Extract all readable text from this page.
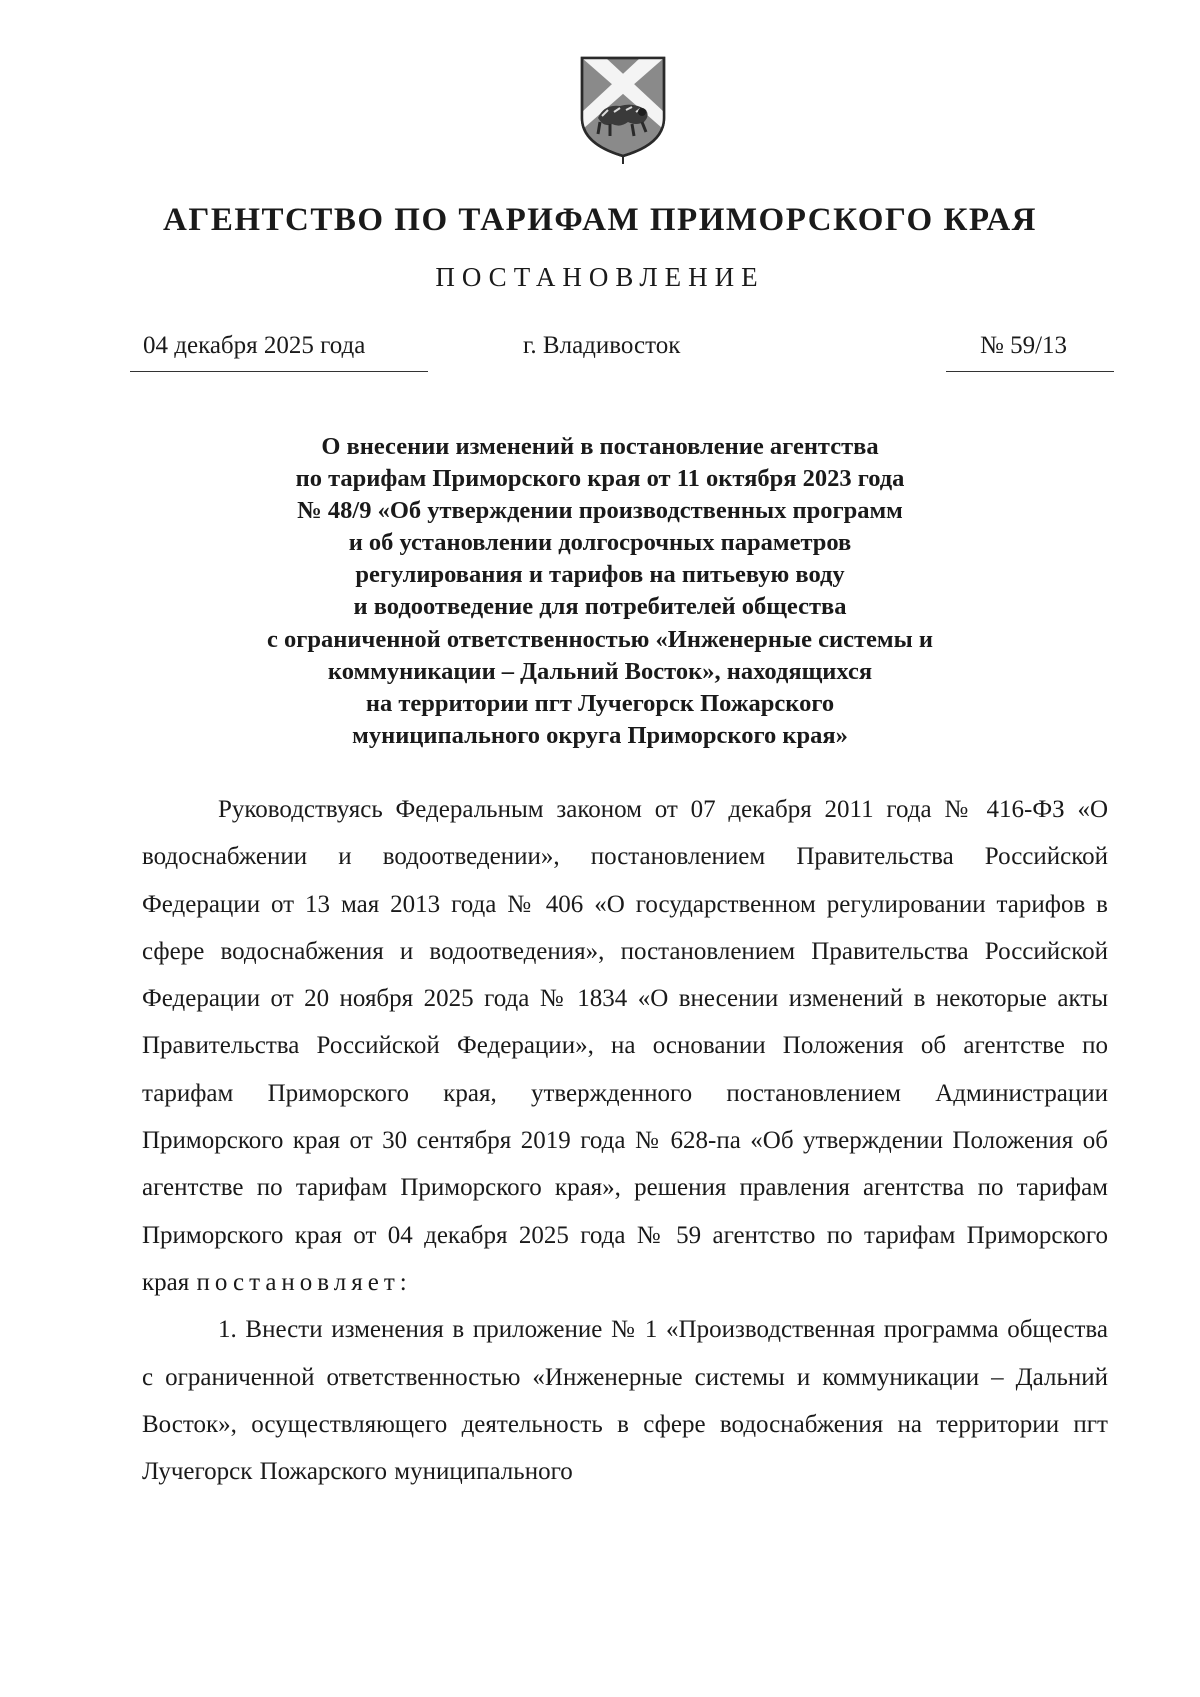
АГЕНТСТВО ПО ТАРИФАМ ПРИМОРСКОГО КРАЯ
ПОСТАНОВЛЕНИЕ
04 декабря 2025 года	г. Владивосток	№ 59/13
О внесении изменений в постановление агентства
по тарифам Приморского края от 11 октября 2023 года
№ 48/9 «Об утверждении производственных программ
и об установлении долгосрочных параметров
регулирования и тарифов на питьевую воду
и водоотведение для потребителей общества
с ограниченной ответственностью «Инженерные системы и
коммуникации – Дальний Восток», находящихся
на территории пгт Лучегорск Пожарского
муниципального округа Приморского края»

Руководствуясь Федеральным законом от 07 декабря 2011 года № 416-ФЗ «О водоснабжении и водоотведении», постановлением Правительства Российской Федерации от 13 мая 2013 года № 406 «О государственном регулировании тарифов в сфере водоснабжения и водоотведения», постановлением Правительства Российской Федерации от 20 ноября 2025 года № 1834 «О внесении изменений в некоторые акты Правительства Российской Федерации», на основании Положения об агентстве по тарифам Приморского края, утвержденного постановлением Администрации Приморского края от 30 сентября 2019 года № 628-па «Об утверждении Положения об агентстве по тарифам Приморского края», решения правления агентства по тарифам Приморского края от 04 декабря 2025 года № 59 агентство по тарифам Приморского края постановляет:

1. Внести изменения в приложение № 1 «Производственная программа общества с ограниченной ответственностью «Инженерные системы и коммуникации – Дальний Восток», осуществляющего деятельность в сфере водоснабжения на территории пгт Лучегорск Пожарского муниципального
